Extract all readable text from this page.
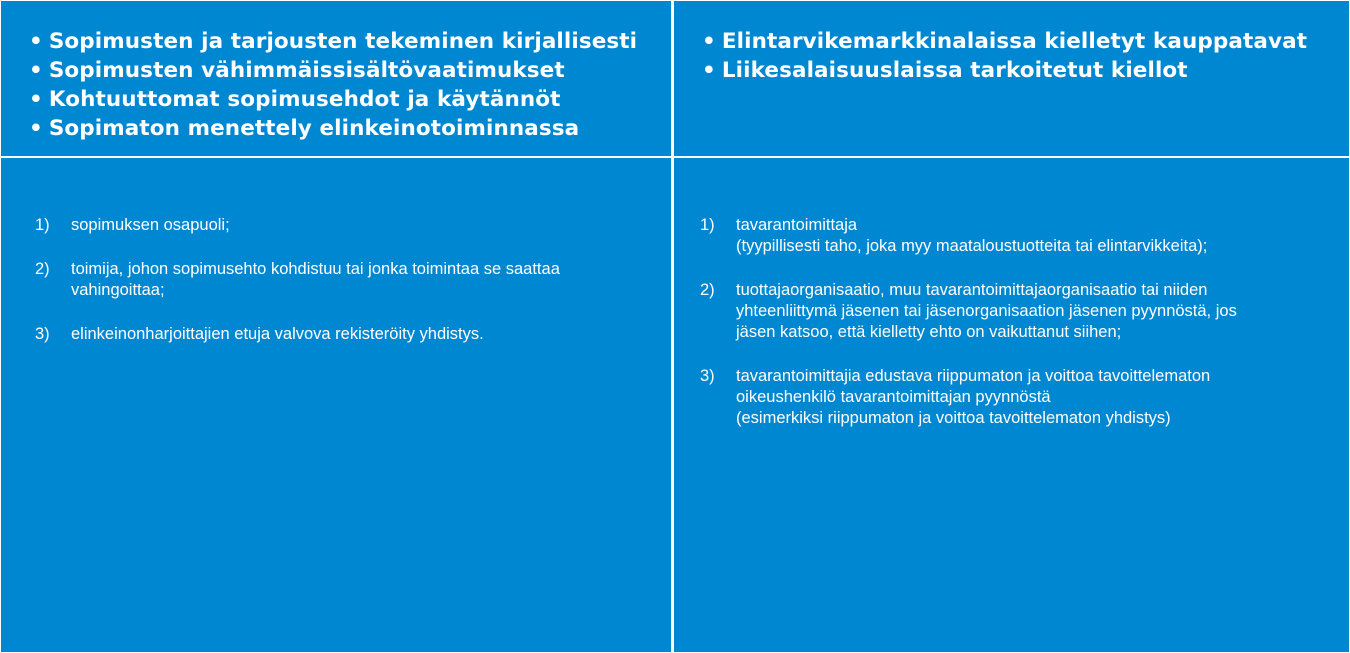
• Sopimusten ja tarjousten tekeminen kirjallisesti
• Sopimusten vähimmäissisältövaatimukset
• Kohtuuttomat sopimusehdot ja käytännöt
• Sopimaton menettely elinkeinotoiminnassa
• Elintarvikemarkkinalaissa kielletyt kauppatavat
• Liikesalaisuuslaissa tarkoitetut kiellot
1) sopimuksen osapuoli;
2) toimija, johon sopimusehto kohdistuu tai jonka toimintaa se saattaa
vahingoittaa;
3) elinkeinonharjoittajien etuja valvova rekisteröity yhdistys.
1) tavarantoimittaja
(tyypillisesti taho, joka myy maataloustuotteita tai elintarvikkeita);
2) tuottajaorganisaatio, muu tavarantoimittajaorganisaatio tai niiden
yhteenliittymä jäsenen tai jäsenorganisaation jäsenen pyynnöstä, jos
jäsen katsoo, että kielletty ehto on vaikuttanut siihen;
3) tavarantoimittajia edustava riippumaton ja voittoa tavoittelematon
oikeushenkilö tavarantoimittajan pyynnöstä
(esimerkiksi riippumaton ja voittoa tavoittelematon yhdistys)
